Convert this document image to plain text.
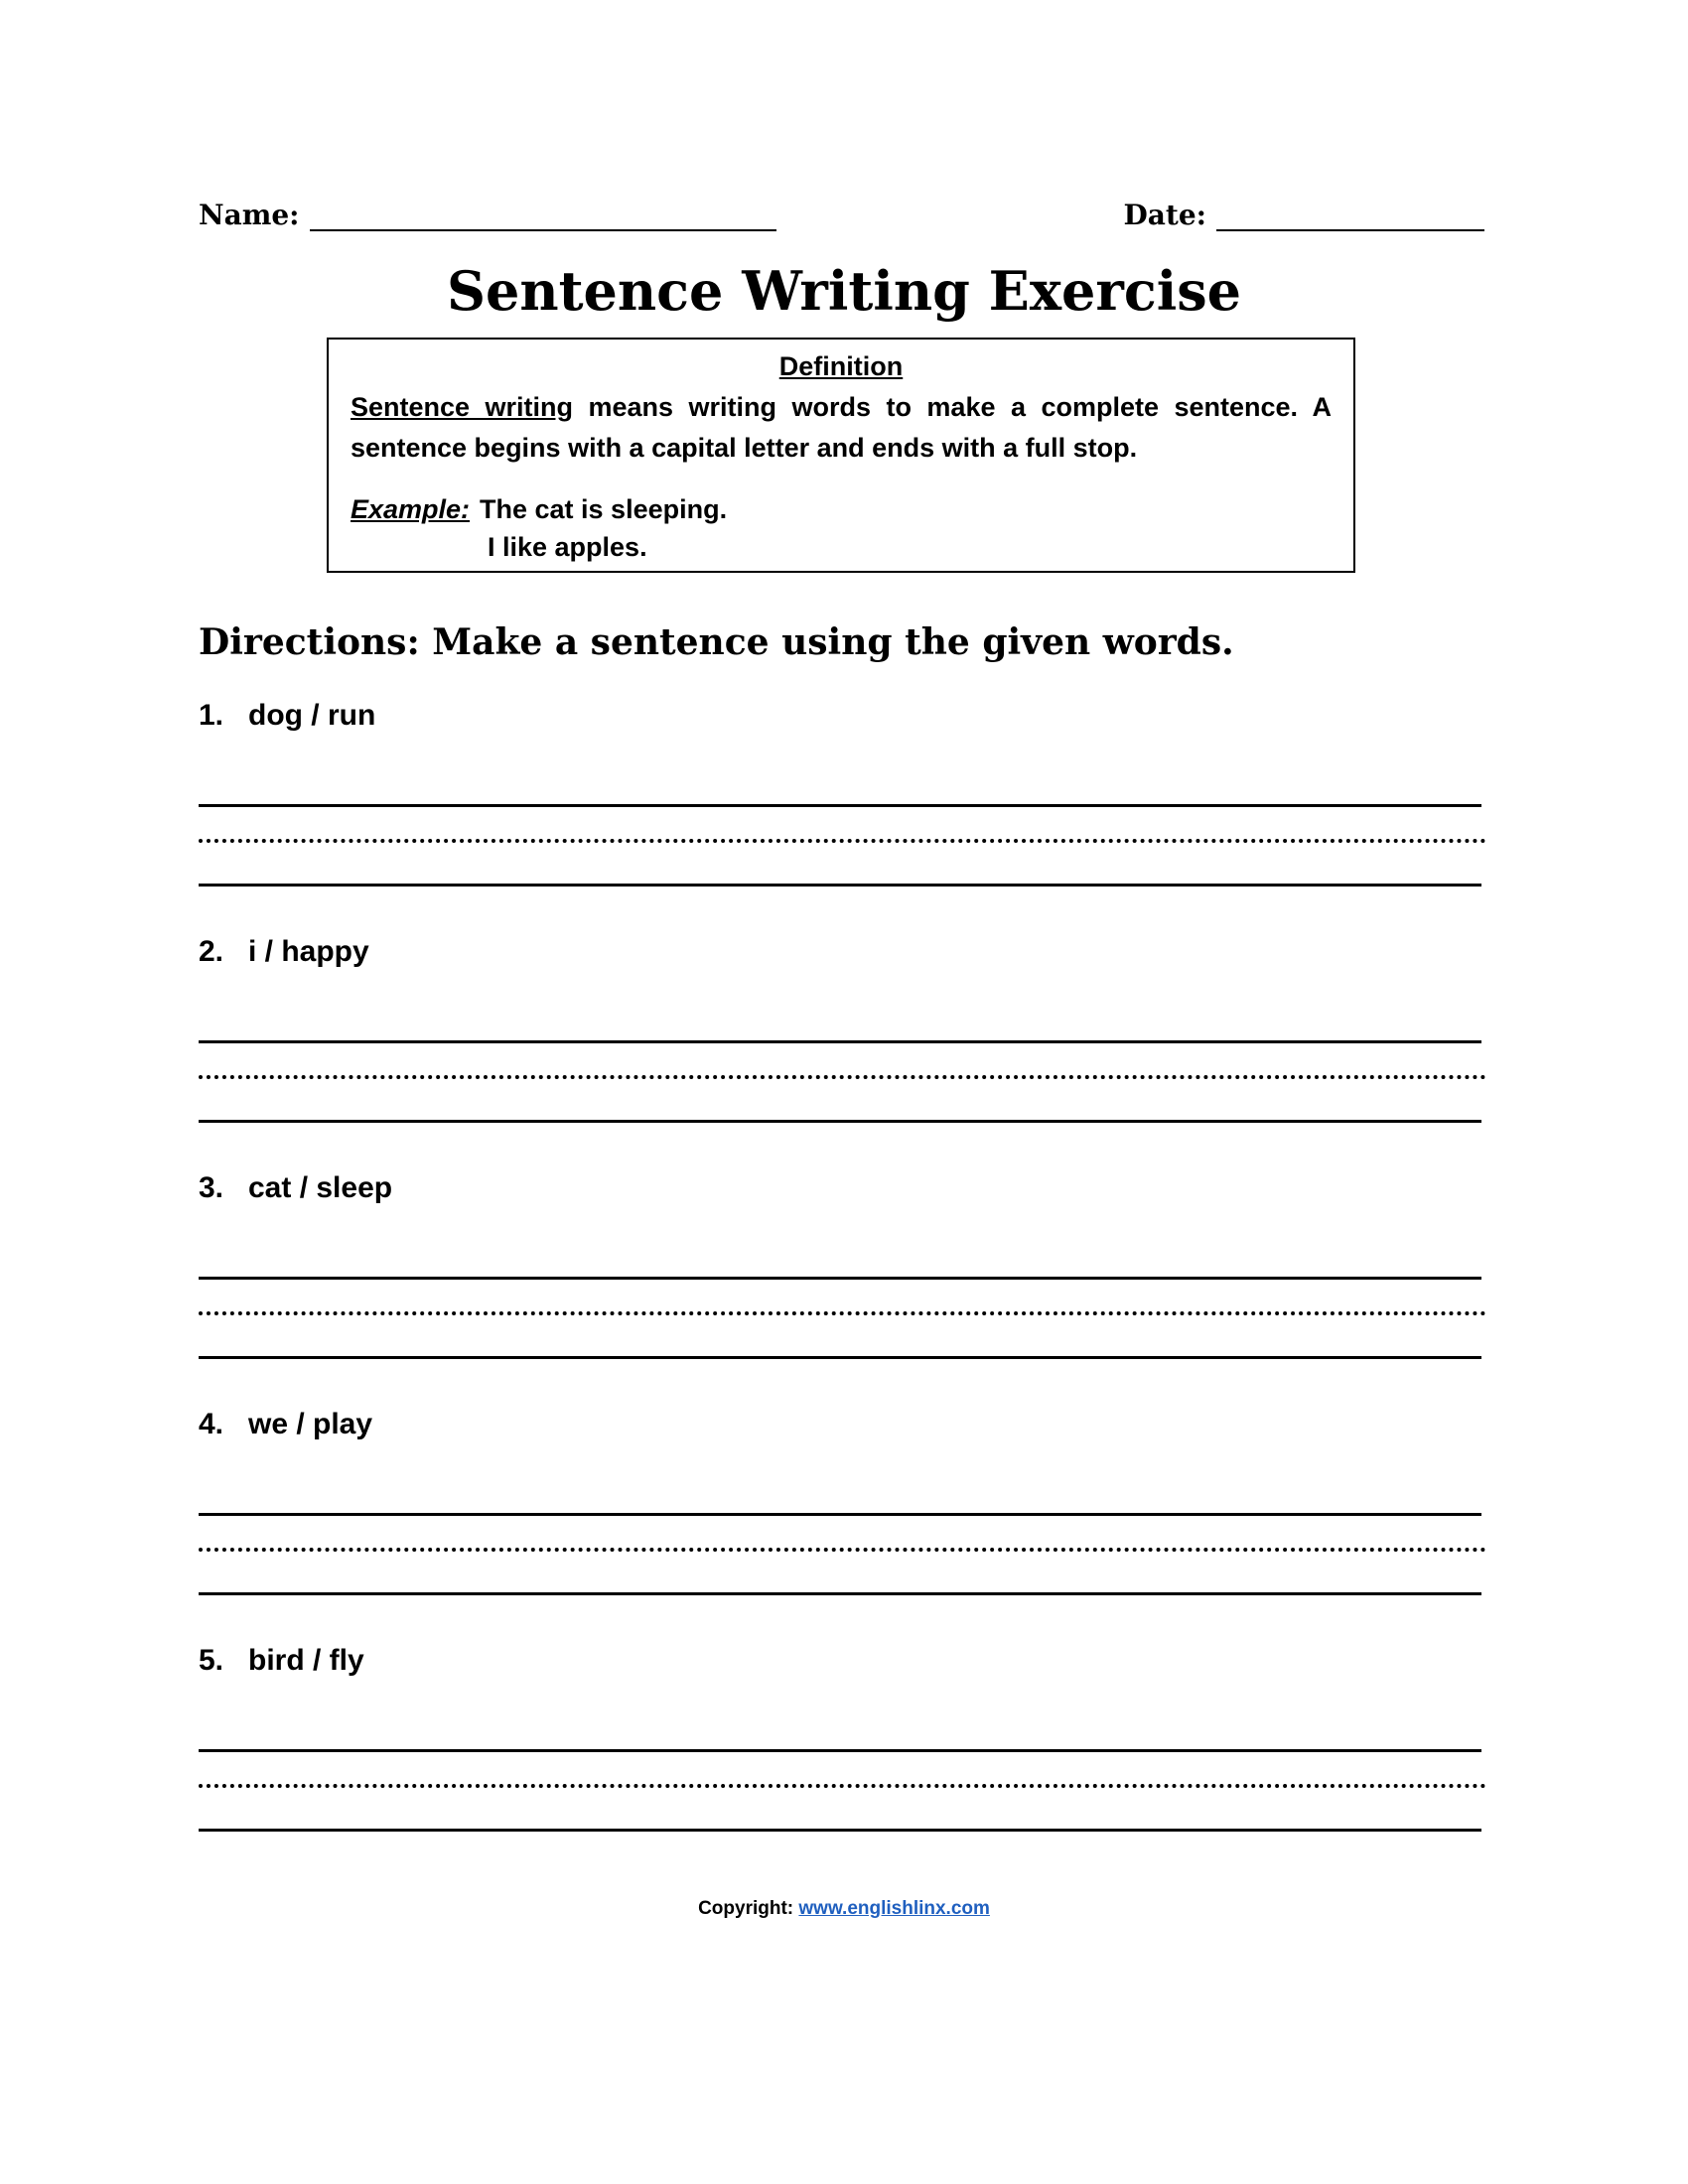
Name:	Date:
Sentence Writing Exercise
Definition
Sentence writing means writing words to make a complete sentence. A sentence begins with a capital letter and ends with a full stop.
Example: The cat is sleeping.
I like apples.
Directions: Make a sentence using the given words.
1. dog / run
2. i / happy
3. cat / sleep
4. we / play
5. bird / fly
Copyright: www.englishlinx.com
